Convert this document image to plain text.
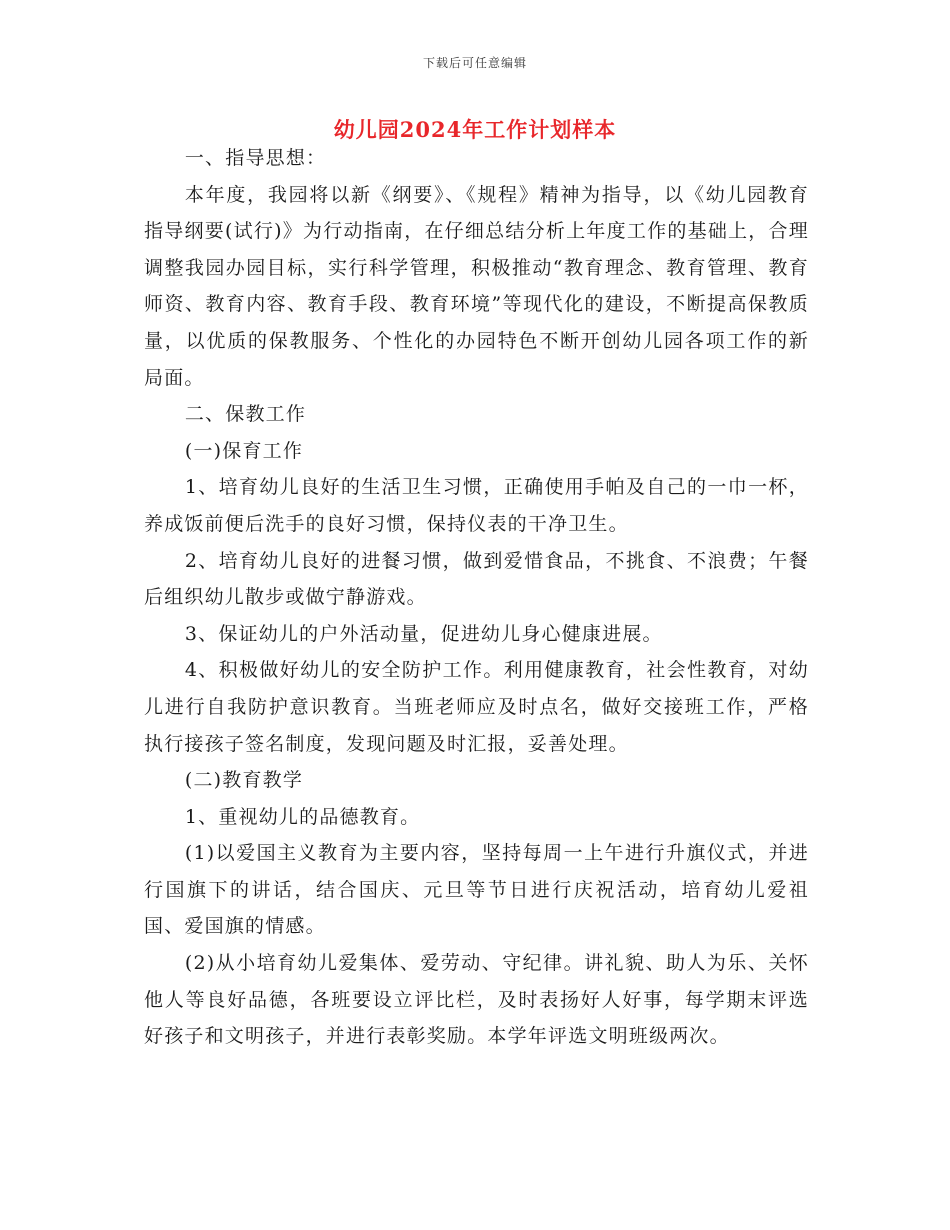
下载后可任意编辑
幼儿园2024年工作计划样本

一、指导思想：

本年度，我园将以新《纲要》、《规程》精神为指导，以《幼儿园教育指导纲要(试行)》为行动指南，在仔细总结分析上年度工作的基础上，合理调整我园办园目标，实行科学管理，积极推动“教育理念、教育管理、教育师资、教育内容、教育手段、教育环境”等现代化的建设，不断提高保教质量，以优质的保教服务、个性化的办园特色不断开创幼儿园各项工作的新局面。

二、保教工作

(一)保育工作

1、培育幼儿良好的生活卫生习惯，正确使用手帕及自己的一巾一杯，养成饭前便后洗手的良好习惯，保持仪表的干净卫生。

2、培育幼儿良好的进餐习惯，做到爱惜食品，不挑食、不浪费；午餐后组织幼儿散步或做宁静游戏。

3、保证幼儿的户外活动量，促进幼儿身心健康进展。

4、积极做好幼儿的安全防护工作。利用健康教育，社会性教育，对幼儿进行自我防护意识教育。当班老师应及时点名，做好交接班工作，严格执行接孩子签名制度，发现问题及时汇报，妥善处理。

(二)教育教学

1、重视幼儿的品德教育。

(1)以爱国主义教育为主要内容，坚持每周一上午进行升旗仪式，并进行国旗下的讲话，结合国庆、元旦等节日进行庆祝活动，培育幼儿爱祖国、爱国旗的情感。

(2)从小培育幼儿爱集体、爱劳动、守纪律。讲礼貌、助人为乐、关怀他人等良好品德，各班要设立评比栏，及时表扬好人好事，每学期末评选好孩子和文明孩子，并进行表彰奖励。本学年评选文明班级两次。
